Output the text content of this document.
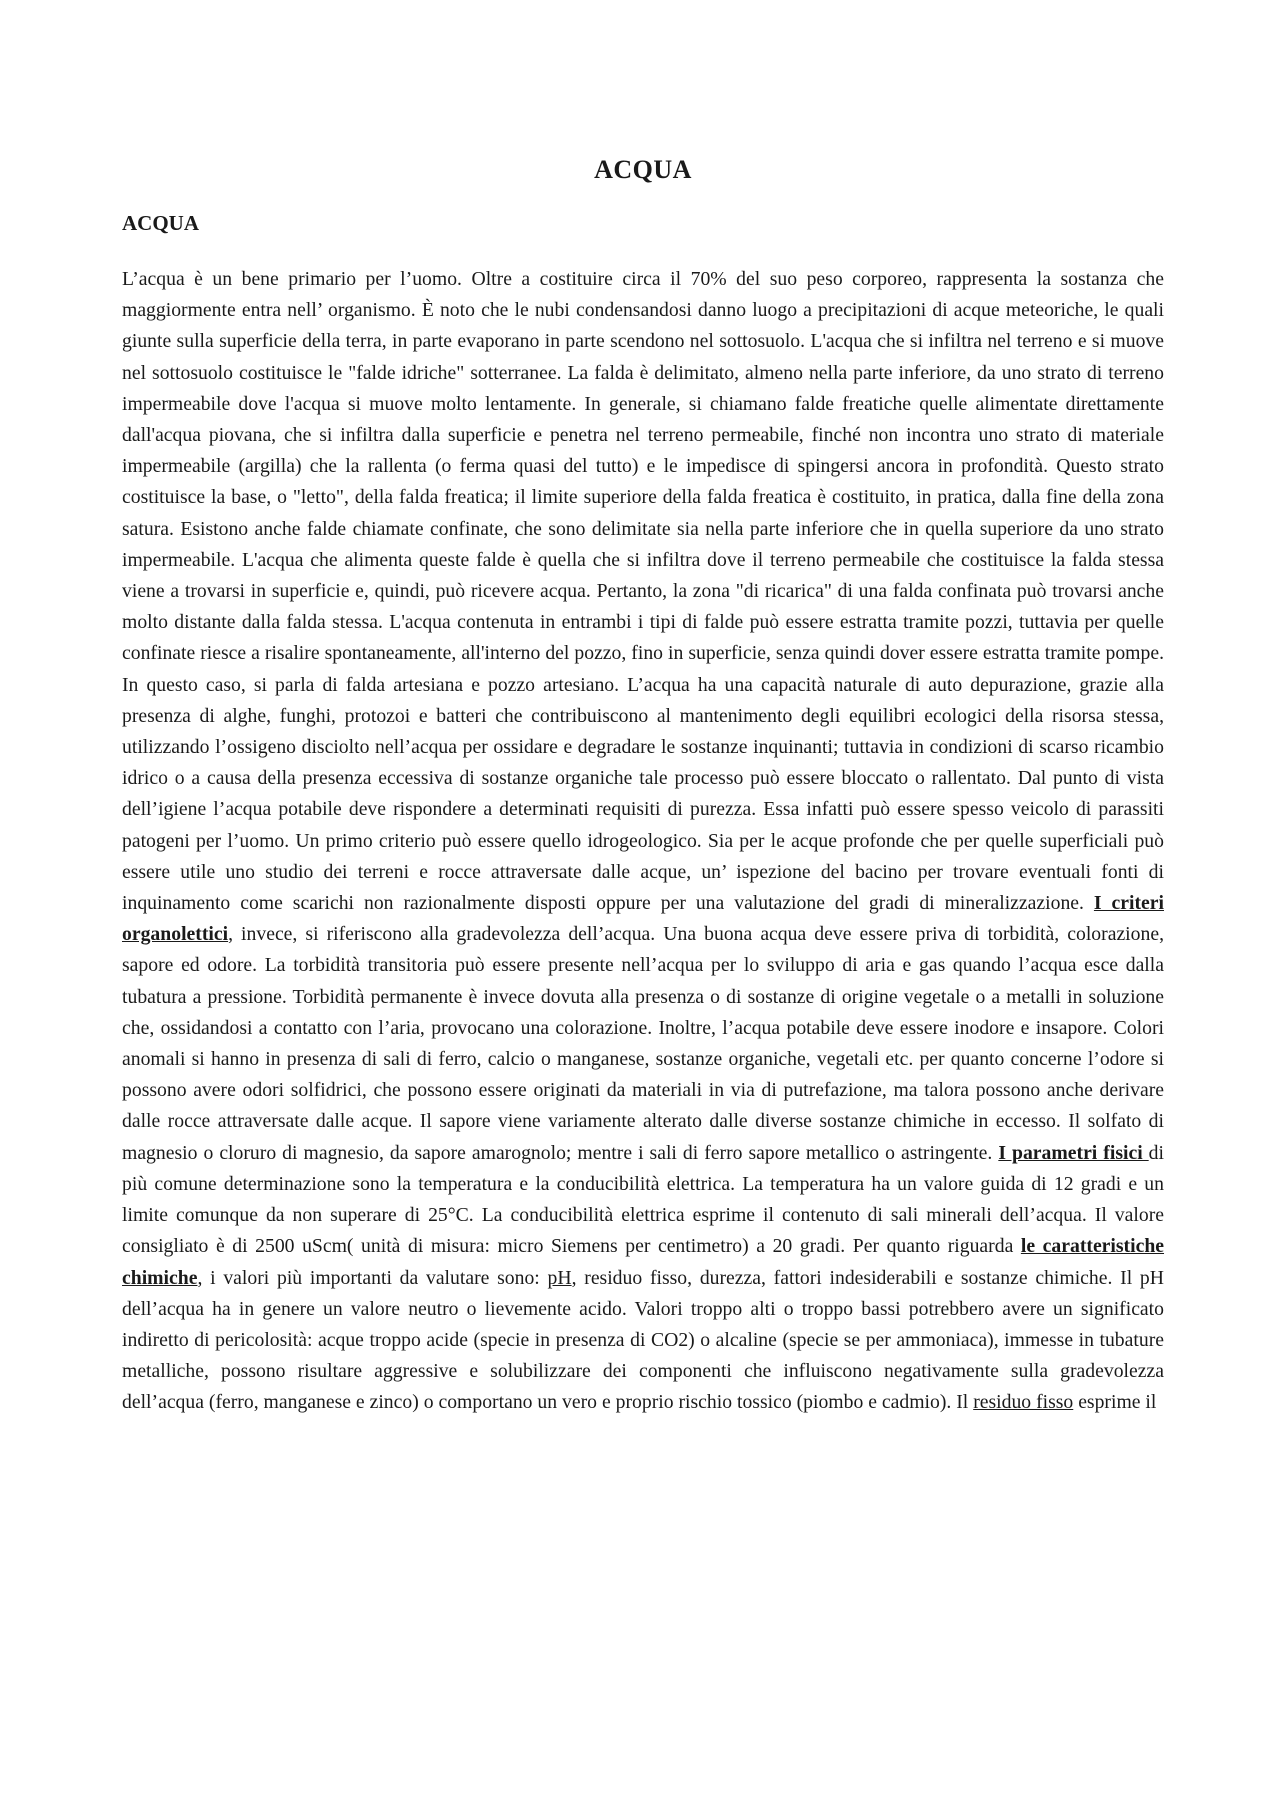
ACQUA
ACQUA

L’acqua è un bene primario per l’uomo. Oltre a costituire circa il 70% del suo peso corporeo, rappresenta la sostanza che maggiormente entra nell’ organismo. È noto che le nubi condensandosi danno luogo a precipitazioni di acque meteoriche, le quali giunte sulla superficie della terra, in parte evaporano in parte scendono nel sottosuolo. L'acqua che si infiltra nel terreno e si muove nel sottosuolo costituisce le "falde idriche" sotterranee. La falda è delimitato, almeno nella parte inferiore, da uno strato di terreno impermeabile dove l'acqua si muove molto lentamente. In generale, si chiamano falde freatiche quelle alimentate direttamente dall'acqua piovana, che si infiltra dalla superficie e penetra nel terreno permeabile, finché non incontra uno strato di materiale impermeabile (argilla) che la rallenta (o ferma quasi del tutto) e le impedisce di spingersi ancora in profondità. Questo strato costituisce la base, o "letto", della falda freatica; il limite superiore della falda freatica è costituito, in pratica, dalla fine della zona satura. Esistono anche falde chiamate confinate, che sono delimitate sia nella parte inferiore che in quella superiore da uno strato impermeabile. L'acqua che alimenta queste falde è quella che si infiltra dove il terreno permeabile che costituisce la falda stessa viene a trovarsi in superficie e, quindi, può ricevere acqua. Pertanto, la zona "di ricarica" di una falda confinata può trovarsi anche molto distante dalla falda stessa. L'acqua contenuta in entrambi i tipi di falde può essere estratta tramite pozzi, tuttavia per quelle confinate riesce a risalire spontaneamente, all'interno del pozzo, fino in superficie, senza quindi dover essere estratta tramite pompe. In questo caso, si parla di falda artesiana e pozzo artesiano. L’acqua ha una capacità naturale di auto depurazione, grazie alla presenza di alghe, funghi, protozoi e batteri che contribuiscono al mantenimento degli equilibri ecologici della risorsa stessa, utilizzando l’ossigeno disciolto nell’acqua per ossidare e degradare le sostanze inquinanti; tuttavia in condizioni di scarso ricambio idrico o a causa della presenza eccessiva di sostanze organiche tale processo può essere bloccato o rallentato. Dal punto di vista dell’igiene l’acqua potabile deve rispondere a determinati requisiti di purezza. Essa infatti può essere spesso veicolo di parassiti patogeni per l’uomo. Un primo criterio può essere quello idrogeologico. Sia per le acque profonde che per quelle superficiali può essere utile uno studio dei terreni e rocce attraversate dalle acque, un’ ispezione del bacino per trovare eventuali fonti di inquinamento come scarichi non razionalmente disposti oppure per una valutazione del gradi di mineralizzazione. I criteri organolettici, invece, si riferiscono alla gradevolezza dell’acqua. Una buona acqua deve essere priva di torbidità, colorazione, sapore ed odore. La torbidità transitoria può essere presente nell’acqua per lo sviluppo di aria e gas quando l’acqua esce dalla tubatura a pressione. Torbidità permanente è invece dovuta alla presenza o di sostanze di origine vegetale o a metalli in soluzione che, ossidandosi a contatto con l’aria, provocano una colorazione. Inoltre, l’acqua potabile deve essere inodore e insapore. Colori anomali si hanno in presenza di sali di ferro, calcio o manganese, sostanze organiche, vegetali etc. per quanto concerne l’odore si possono avere odori solfidrici, che possono essere originati da materiali in via di putrefazione, ma talora possono anche derivare dalle rocce attraversate dalle acque. Il sapore viene variamente alterato dalle diverse sostanze chimiche in eccesso. Il solfato di magnesio o cloruro di magnesio, da sapore amarognolo; mentre i sali di ferro sapore metallico o astringente. I parametri fisici di più comune determinazione sono la temperatura e la conducibilità elettrica. La temperatura ha un valore guida di 12 gradi e un limite comunque da non superare di 25°C. La conducibilità elettrica esprime il contenuto di sali minerali dell’acqua. Il valore consigliato è di 2500 uScm( unità di misura: micro Siemens per centimetro) a 20 gradi. Per quanto riguarda le caratteristiche chimiche, i valori più importanti da valutare sono: pH, residuo fisso, durezza, fattori indesiderabili e sostanze chimiche. Il pH dell’acqua ha in genere un valore neutro o lievemente acido. Valori troppo alti o troppo bassi potrebbero avere un significato indiretto di pericolosità: acque troppo acide (specie in presenza di CO2) o alcaline (specie se per ammoniaca), immesse in tubature metalliche, possono risultare aggressive e solubilizzare dei componenti che influiscono negativamente sulla gradevolezza dell’acqua (ferro, manganese e zinco) o comportano un vero e proprio rischio tossico (piombo e cadmio). Il residuo fisso esprime il
